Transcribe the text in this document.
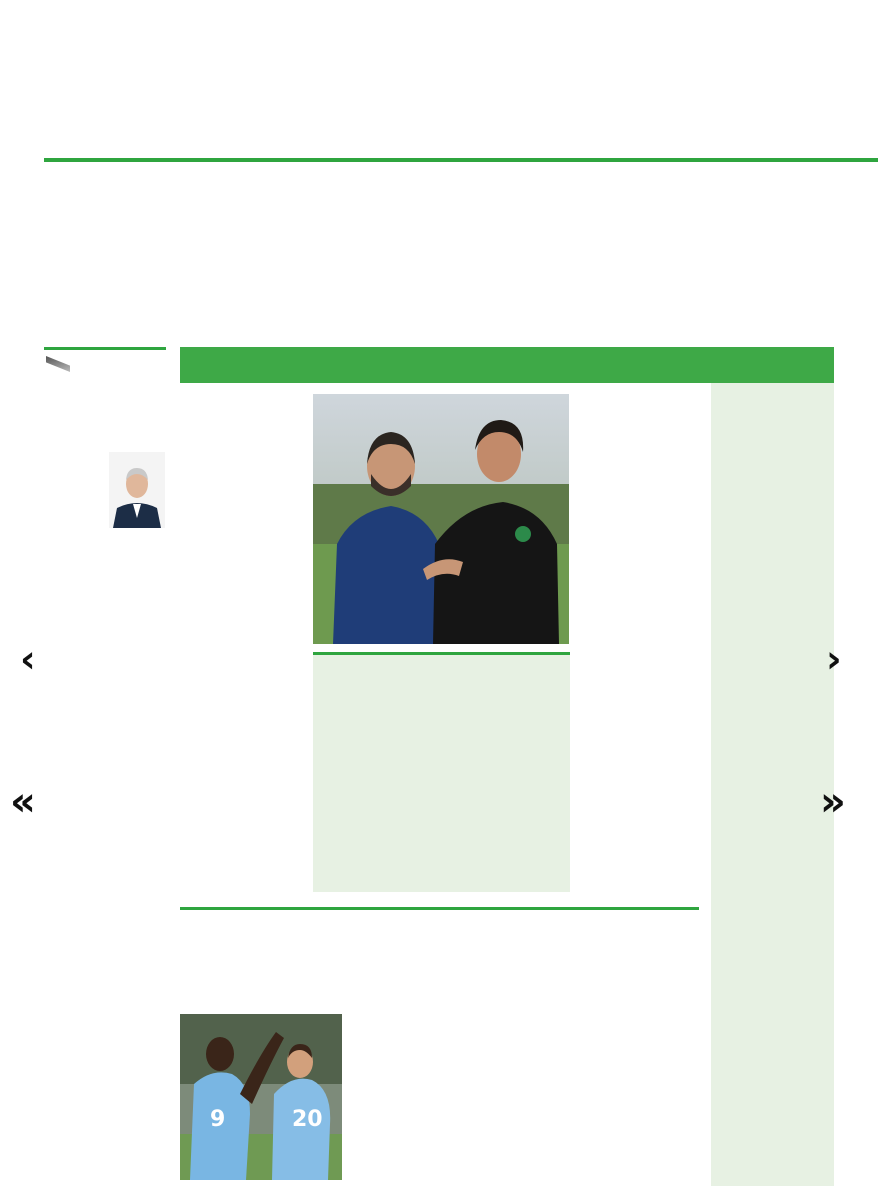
20
9
‹	›
«	»
